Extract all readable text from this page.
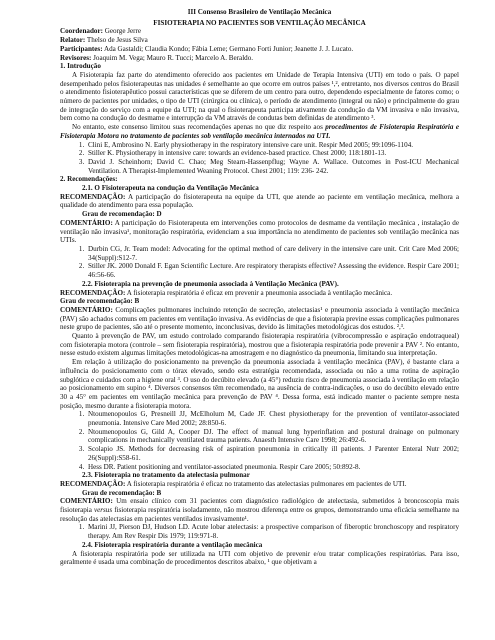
III Consenso Brasileiro de Ventilação Mecânica
FISIOTERAPIA NO PACIENTES SOB VENTILAÇÃO MECÂNICA

Coordenador: George Jerre

Relator: Thelso de Jesus Silva

Participantes: Ada Gastaldi; Claudia Kondo; Fábia Leme; Germano Forti Junior; Jeanette J. J. Lucato.

Revisores: Joaquim M. Vega; Mauro R. Tucci; Marcelo A. Beraldo.

1. Introdução

A Fisioterapia faz parte do atendimento oferecido aos pacientes em Unidade de Terapia Intensiva (UTI) em todo o país. O papel desempenhado pelos fisioterapeutas nas unidades é semelhante ao que ocorre em outros países ¹,², entretanto, nos diversos centros do Brasil o atendimento fisioterapêutico possui características que se diferem de um centro para outro, dependendo especialmente de fatores como; o número de pacientes por unidades, o tipo de UTI (cirúrgica ou clínica), o período de atendimento (integral ou não) e principalmente do grau de integração do serviço com a equipe da UTI; na qual o fisioterapeuta participa ativamente da condução da VM invasiva e não invasiva, bem como na condução do desmame e interrupção da VM através de condutas bem definidas de atendimento ³.

No entanto, este consenso limitou suas recomendações apenas no que diz respeito aos procedimentos de Fisioterapia Respiratória e Fisioterapia Motora no tratamento de pacientes sob ventilação mecânica internados na UTI.

1. Clini E, Ambrosino N. Early physiotherapy in the respiratory intensive care unit. Respir Med 2005; 99:1096-1104.
2. Stiller K. Physiotherapy in intensive care: towards an evidence-based practice. Chest 2000; 118:1801-13.
3. David J. Scheinhorn; David C. Chao; Meg Stearn-Hassenpflug; Wayne A. Wallace. Outcomes in Post-ICU Mechanical Ventilation. A Therapist-Implemented Weaning Protocol. Chest 2001; 119: 236- 242.

2. Recomendações:

2.1. O Fisioterapeuta na condução da Ventilação Mecânica

RECOMENDAÇÃO: A participação do fisioterapeuta na equipe da UTI, que atende ao paciente em ventilação mecânica, melhora a qualidade do atendimento para essa população.

Grau de recomendação: D

COMENTÁRIO: A participação do Fisioterapeuta em intervenções como protocolos de desmame da ventilação mecânica , instalação de ventilação não invasiva¹, monitoração respiratória, evidenciam a sua importância no atendimento de pacientes sob ventilação mecânica nas UTIs.

1. Durbin CG, Jr. Team model: Advocating for the optimal method of care delivery in the intensive care unit. Crit Care Med 2006; 34(Suppl):S12-7.
2. Stiller JK. 2000 Donald F. Egan Scientific Lecture. Are respiratory therapists effective? Assessing the evidence. Respir Care 2001; 46:56-66.

2.2. Fisioterapia na prevenção de pneumonia associada à Ventilação Mecânica (PAV).

RECOMENDAÇÃO: A fisioterapia respiratória é eficaz em prevenir a pneumonia associada à ventilação mecânica.

Grau de recomendação: B

COMENTÁRIO: Complicações pulmonares incluindo retenção de secreção, atelectasias¹ e pneumonia associada à ventilação mecânica (PAV) são achados comuns em pacientes em ventilação invasiva. As evidências de que a fisioterapia previne essas complicações pulmonares neste grupo de pacientes, são até o presente momento, inconclusivas, devido às limitações metodológicas dos estudos. ²,³.

Quanto à prevenção de PAV, um estudo controlado comparando fisioterapia respiratória (vibrocompressão e aspiração endotraqueal) com fisioterapia motora (controle – sem fisioterapia respiratória), mostrou que a fisioterapia respiratória pode prevenir a PAV ². No entanto, nesse estudo existem algumas limitações metodológicas-na amostragem e no diagnóstico da pneumonia, limitando sua interpretação.

Em relação à utilização do posicionamento na prevenção da pneumonia associada à ventilação mecânica (PAV), é bastante clara a influência do posicionamento com o tórax elevado, sendo esta estratégia recomendada, associada ou não a uma rotina de aspiração subglótica e cuidados com a higiene oral ³. O uso do decúbito elevado (a 45°) reduziu risco de pneumonia associada à ventilação em relação ao posicionamento em supino ⁴. Diversos consensos têm recomendado, na ausência de contra-indicações, o uso do decúbito elevado entre 30 a 45° em pacientes em ventilação mecânica para prevenção de PAV ⁴. Dessa forma, está indicado manter o paciente sempre nesta posição, mesmo durante a fisioterapia motora.

1. Ntoumenopoulos G, Presneill JJ, McElholum M, Cade JF. Chest physiotherapy for the prevention of ventilator-associated pneumonia. Intensive Care Med 2002; 28:850-6.
2. Ntoumenopoulos G, Gild A, Cooper DJ. The effect of manual lung hyperinflation and postural drainage on pulmonary complications in mechanically ventilated trauma patients. Anaesth Intensive Care 1998; 26:492-6.
3. Scolapio JS. Methods for decreasing risk of aspiration pneumonia in critically ill patients. J Parenter Enteral Nutr 2002; 26(Suppl):S58-61.
4. Hess DR. Patient positioning and ventilator-associated pneumonia. Respir Care 2005; 50:892-8.

2.3. Fisioterapia no tratamento da atelectasia pulmonar

RECOMENDAÇÃO: A fisioterapia respiratória é eficaz no tratamento das atelectasias pulmonares em pacientes de UTI.

Grau de recomendação: B

COMENTÁRIO: Um ensaio clínico com 31 pacientes com diagnóstico radiológico de atelectasia, submetidos à broncoscopia mais fisioterapia versus fisioterapia respiratória isoladamente, não mostrou diferença entre os grupos, demonstrando uma eficácia semelhante na resolução das atelectasias em pacientes ventilados invasivamente¹.

1. Marini JJ, Pierson DJ, Hudson LD. Acute lobar atelectasis: a prospective comparison of fiberoptic bronchoscopy and respiratory therapy. Am Rev Respir Dis 1979; 119:971-8.

2.4. Fisioterapia respiratória durante a ventilação mecânica

A fisioterapia respiratória pode ser utilizada na UTI com objetivo de prevenir e/ou tratar complicações respiratórias. Para isso, geralmente é usada uma combinação de procedimentos descritos abaixo, ¹ que objetivam a
